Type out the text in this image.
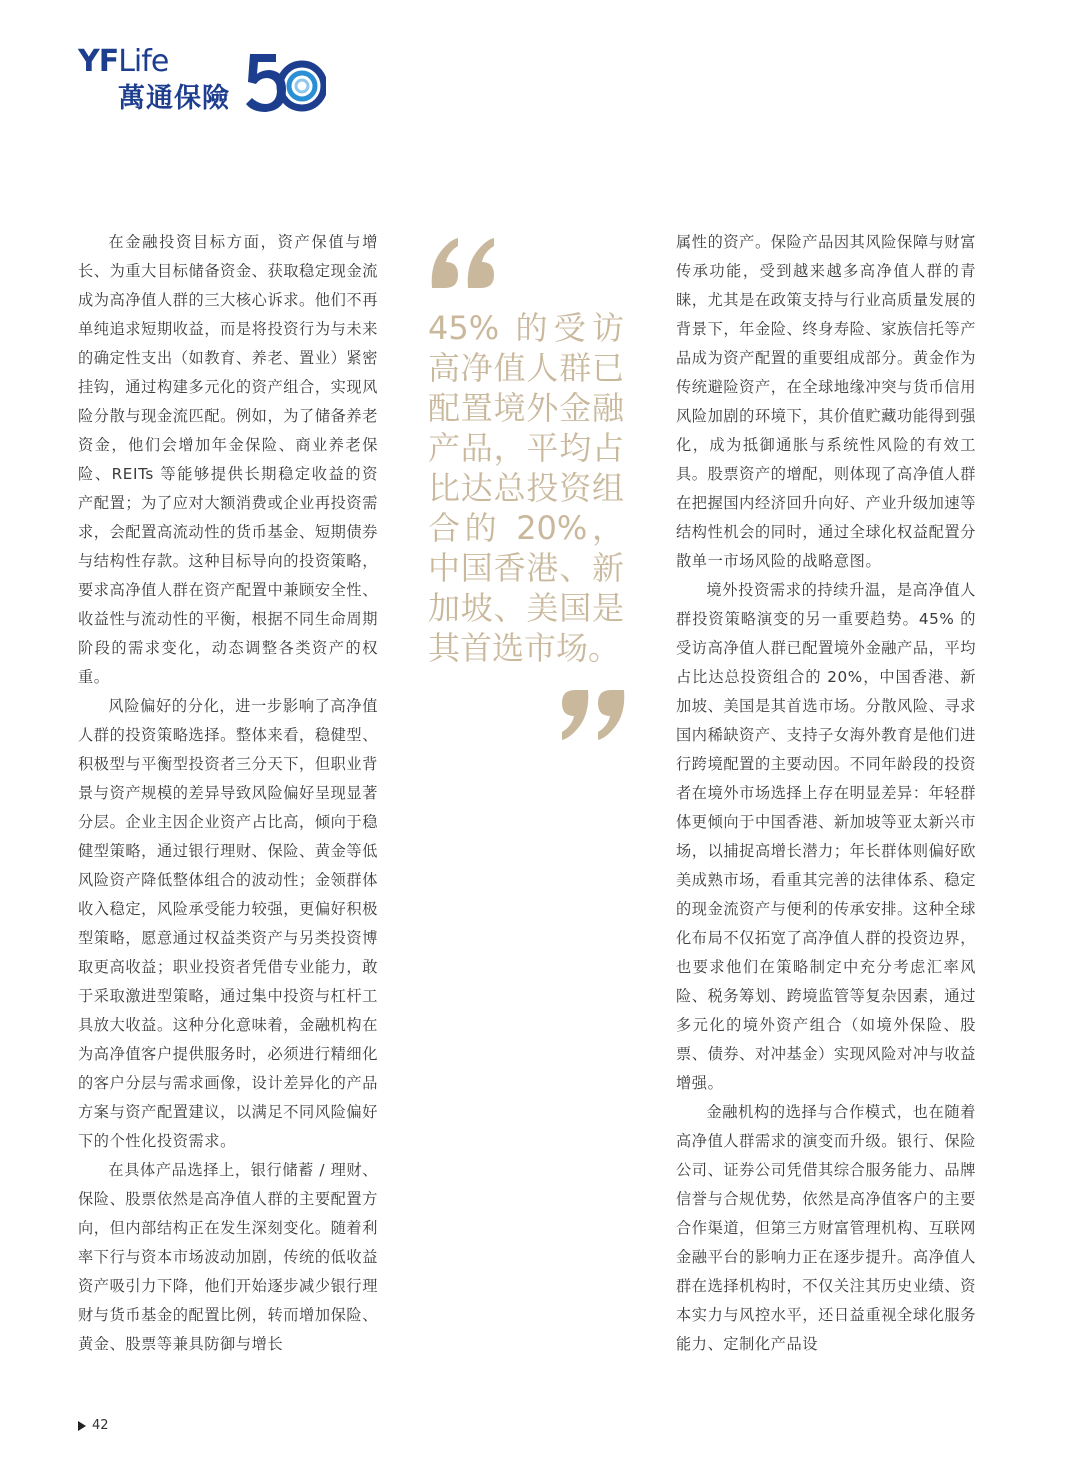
YFLife
萬通保險

在金融投资目标方面，资产保值与增长、为重大目标储备资金、获取稳定现金流成为高净值人群的三大核心诉求。他们不再单纯追求短期收益，而是将投资行为与未来的确定性支出（如教育、养老、置业）紧密挂钩，通过构建多元化的资产组合，实现风险分散与现金流匹配。例如，为了储备养老资金，他们会增加年金保险、商业养老保险、REITs 等能够提供长期稳定收益的资产配置；为了应对大额消费或企业再投资需求，会配置高流动性的货币基金、短期债券与结构性存款。这种目标导向的投资策略，要求高净值人群在资产配置中兼顾安全性、收益性与流动性的平衡，根据不同生命周期阶段的需求变化，动态调整各类资产的权重。

风险偏好的分化，进一步影响了高净值人群的投资策略选择。整体来看，稳健型、积极型与平衡型投资者三分天下，但职业背景与资产规模的差异导致风险偏好呈现显著分层。企业主因企业资产占比高，倾向于稳健型策略，通过银行理财、保险、黄金等低风险资产降低整体组合的波动性；金领群体收入稳定，风险承受能力较强，更偏好积极型策略，愿意通过权益类资产与另类投资博取更高收益；职业投资者凭借专业能力，敢于采取激进型策略，通过集中投资与杠杆工具放大收益。这种分化意味着，金融机构在为高净值客户提供服务时，必须进行精细化的客户分层与需求画像，设计差异化的产品方案与资产配置建议，以满足不同风险偏好下的个性化投资需求。

在具体产品选择上，银行储蓄 / 理财、保险、股票依然是高净值人群的主要配置方向，但内部结构正在发生深刻变化。随着利率下行与资本市场波动加剧，传统的低收益资产吸引力下降，他们开始逐步减少银行理财与货币基金的配置比例，转而增加保险、黄金、股票等兼具防御与增长

45% 的受访高净值人群已配置境外金融产品，平均占比达总投资组合的 20%，中国香港、新加坡、美国是其首选市场。

属性的资产。保险产品因其风险保障与财富传承功能，受到越来越多高净值人群的青睐，尤其是在政策支持与行业高质量发展的背景下，年金险、终身寿险、家族信托等产品成为资产配置的重要组成部分。黄金作为传统避险资产，在全球地缘冲突与货币信用风险加剧的环境下，其价值贮藏功能得到强化，成为抵御通胀与系统性风险的有效工具。股票资产的增配，则体现了高净值人群在把握国内经济回升向好、产业升级加速等结构性机会的同时，通过全球化权益配置分散单一市场风险的战略意图。

境外投资需求的持续升温，是高净值人群投资策略演变的另一重要趋势。45% 的受访高净值人群已配置境外金融产品，平均占比达总投资组合的 20%，中国香港、新加坡、美国是其首选市场。分散风险、寻求国内稀缺资产、支持子女海外教育是他们进行跨境配置的主要动因。不同年龄段的投资者在境外市场选择上存在明显差异：年轻群体更倾向于中国香港、新加坡等亚太新兴市场，以捕捉高增长潜力；年长群体则偏好欧美成熟市场，看重其完善的法律体系、稳定的现金流资产与便利的传承安排。这种全球化布局不仅拓宽了高净值人群的投资边界，也要求他们在策略制定中充分考虑汇率风险、税务筹划、跨境监管等复杂因素，通过多元化的境外资产组合（如境外保险、股票、债券、对冲基金）实现风险对冲与收益增强。

金融机构的选择与合作模式，也在随着高净值人群需求的演变而升级。银行、保险公司、证券公司凭借其综合服务能力、品牌信誉与合规优势，依然是高净值客户的主要合作渠道，但第三方财富管理机构、互联网金融平台的影响力正在逐步提升。高净值人群在选择机构时，不仅关注其历史业绩、资本实力与风控水平，还日益重视全球化服务能力、定制化产品设

42
